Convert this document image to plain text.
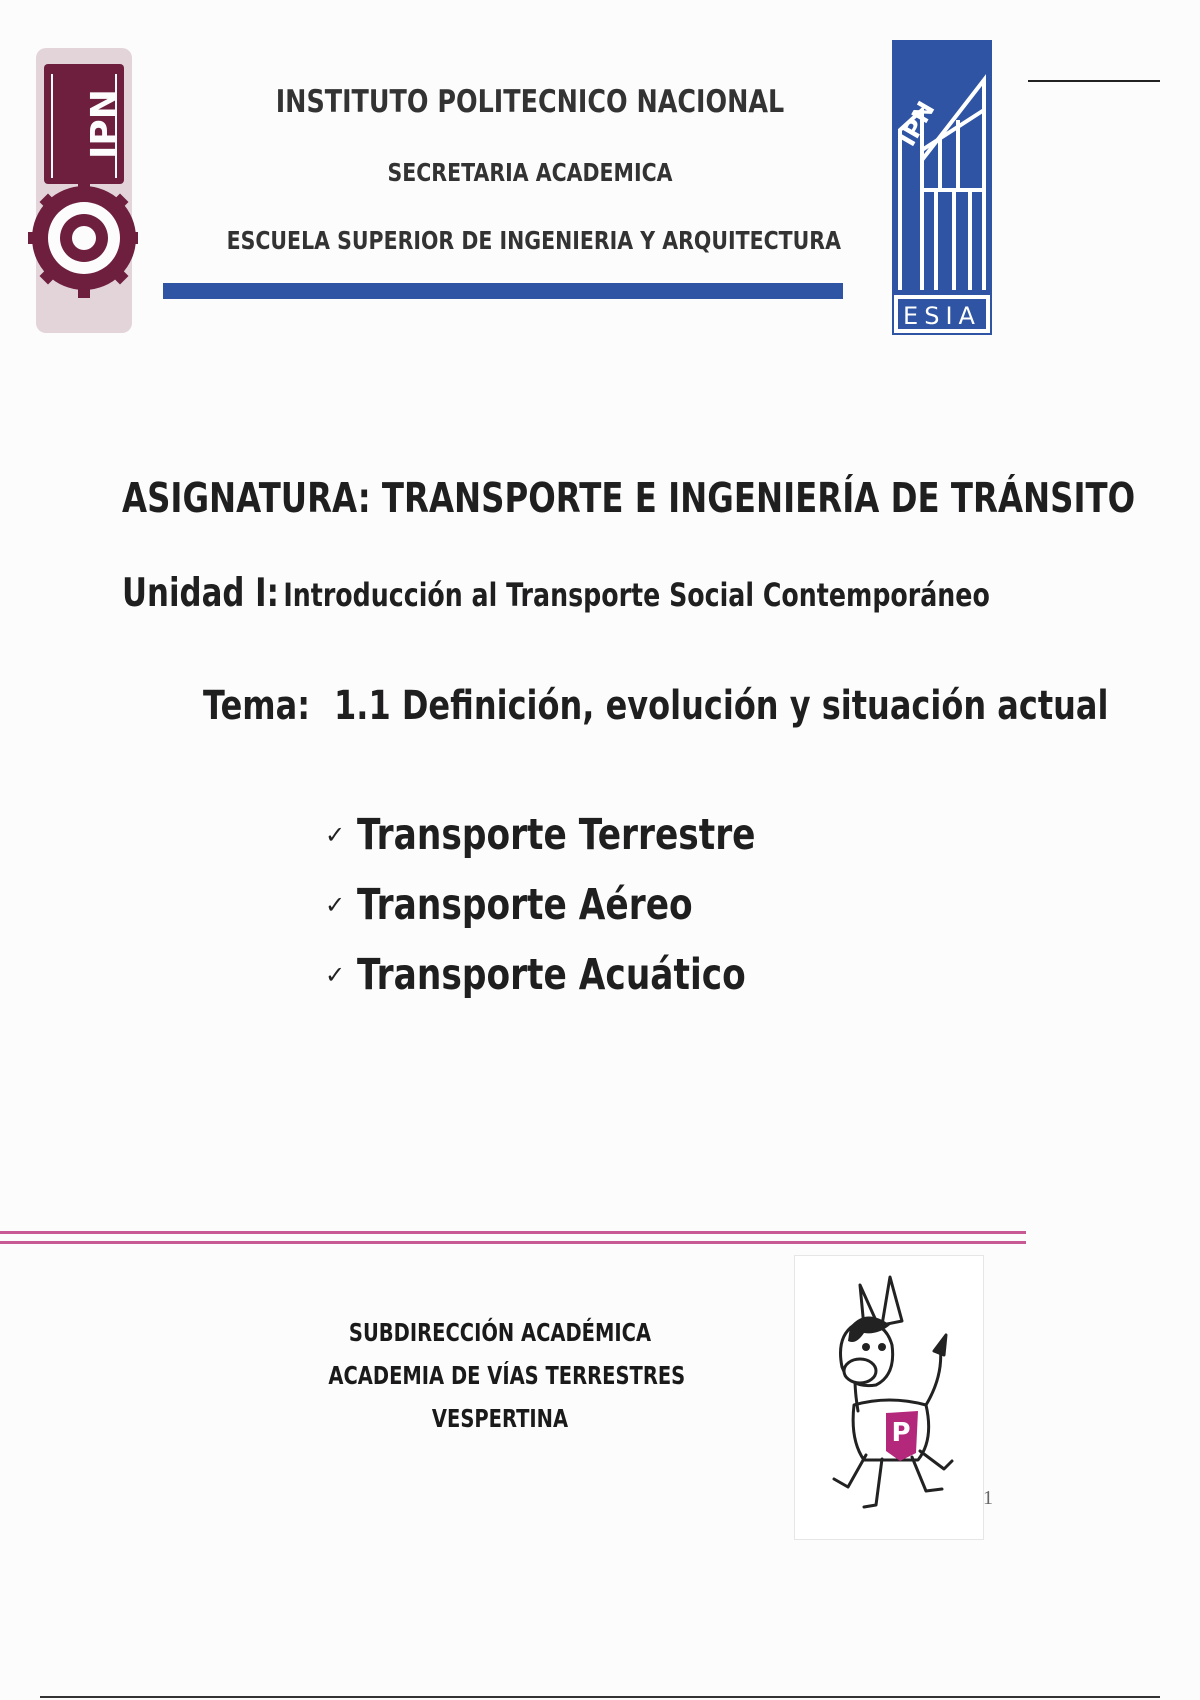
IPN	INSTITUTO POLITECNICO NACIONAL
SECRETARIA ACADEMICA
ESCUELA SUPERIOR DE INGENIERIA Y ARQUITECTURA
IPN
ESIA
ASIGNATURA: TRANSPORTE E INGENIERÍA DE TRÁNSITO
Unidad I: Introducción al Transporte Social Contemporáneo
Tema: 1.1 Definición, evolución y situación actual
✓ Transporte Terrestre
✓ Transporte Aéreo
✓ Transporte Acuático
SUBDIRECCIÓN ACADÉMICA
ACADEMIA DE VÍAS TERRESTRES
VESPERTINA	P
1
